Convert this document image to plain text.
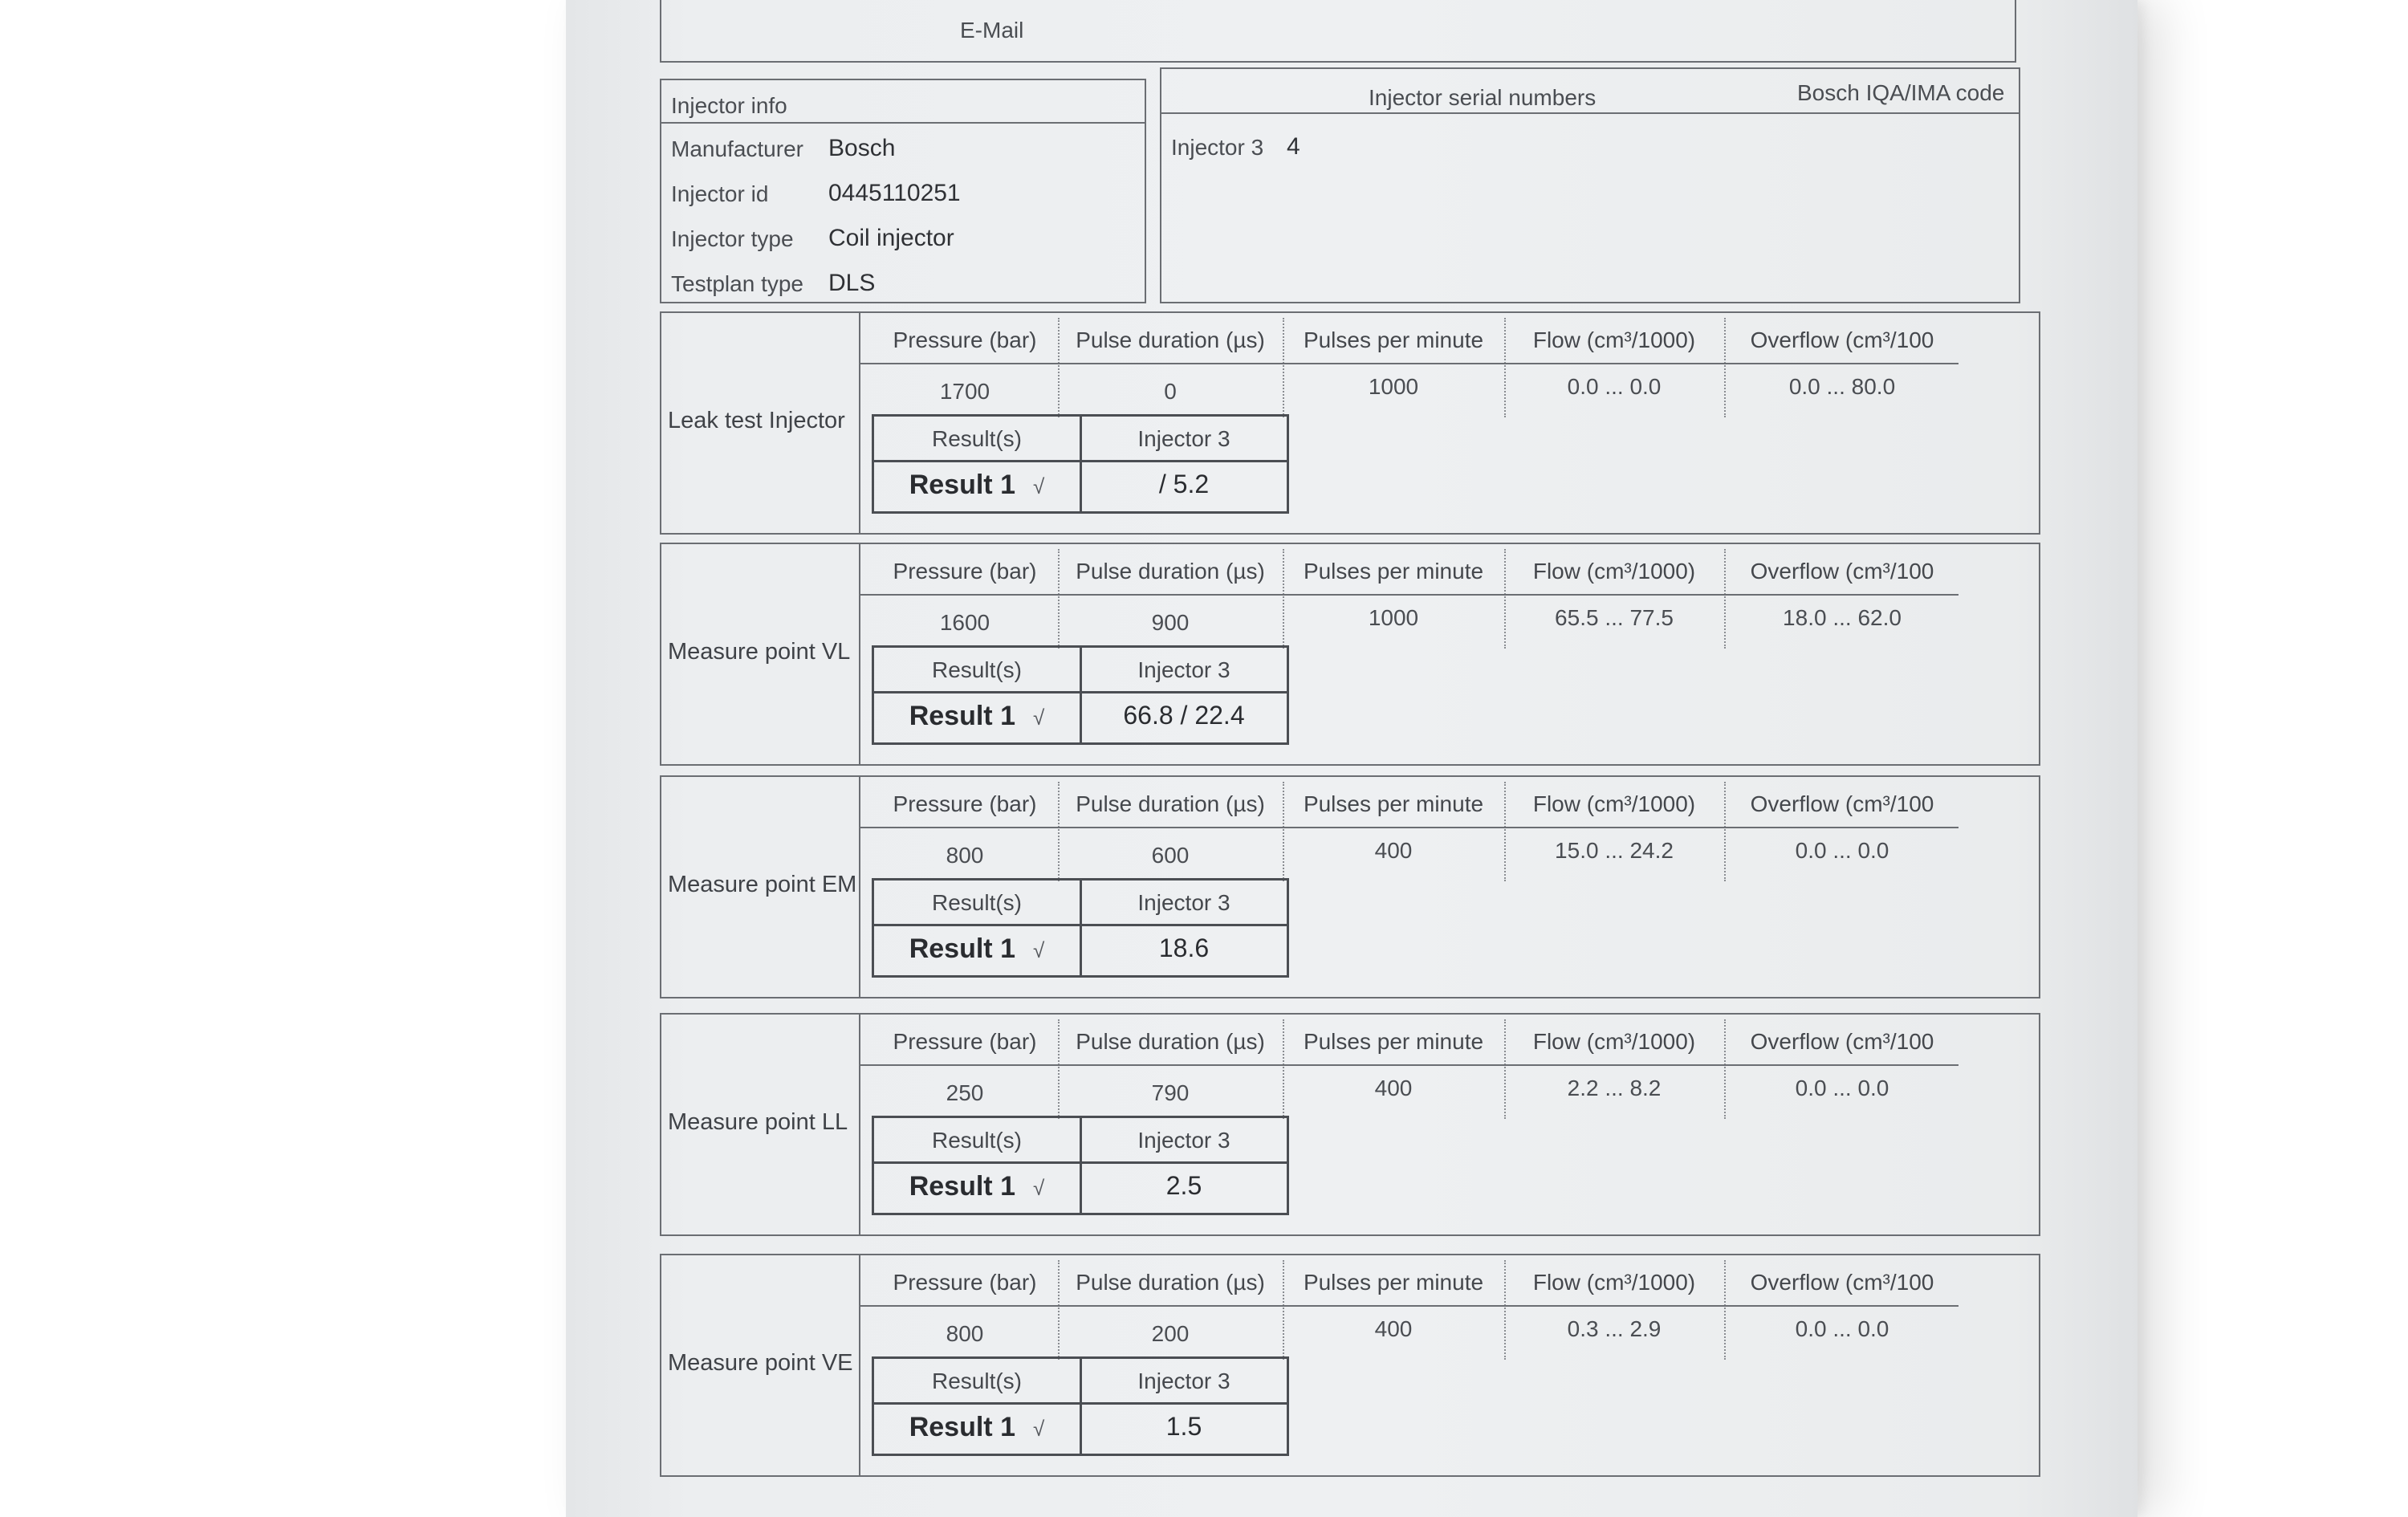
E-Mail
Injector info
Manufacturer Bosch
Injector id 0445110251
Injector type Coil injector
Testplan type DLS
Injector serial numbers	Bosch IQA/IMA code
Injector 3 4
Leak test Injector
Pressure (bar)	Pulse duration (µs)	Pulses per minute	Flow (cm³/1000)	Overflow (cm³/100
1700	0	1000	0.0 ... 0.0	0.0 ... 80.0
Result(s)	Injector 3
Result 1 √	/ 5.2
Measure point VL
Pressure (bar)	Pulse duration (µs)	Pulses per minute	Flow (cm³/1000)	Overflow (cm³/100
1600	900	1000	65.5 ... 77.5	18.0 ... 62.0
Result(s)	Injector 3
Result 1 √	66.8 / 22.4
Measure point EM
Pressure (bar)	Pulse duration (µs)	Pulses per minute	Flow (cm³/1000)	Overflow (cm³/100
800	600	400	15.0 ... 24.2	0.0 ... 0.0
Result(s)	Injector 3
Result 1 √	18.6
Measure point LL
Pressure (bar)	Pulse duration (µs)	Pulses per minute	Flow (cm³/1000)	Overflow (cm³/100
250	790	400	2.2 ... 8.2	0.0 ... 0.0
Result(s)	Injector 3
Result 1 √	2.5
Measure point VE
Pressure (bar)	Pulse duration (µs)	Pulses per minute	Flow (cm³/1000)	Overflow (cm³/100
800	200	400	0.3 ... 2.9	0.0 ... 0.0
Result(s)	Injector 3
Result 1 √	1.5
